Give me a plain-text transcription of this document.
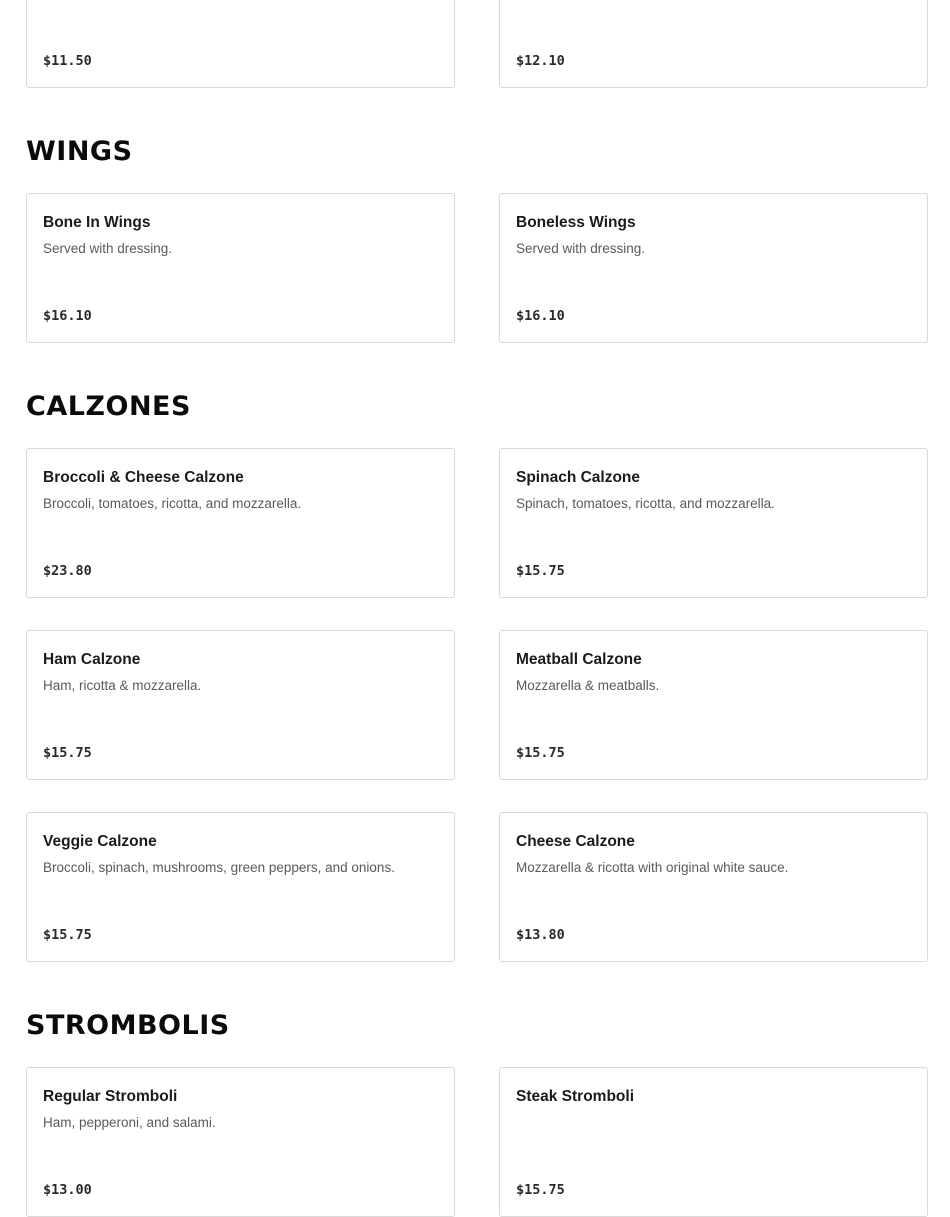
$11.50	$12.10
WINGS
Bone In Wings
Served with dressing.
$16.10
Boneless Wings
Served with dressing.
$16.10
CALZONES
Broccoli & Cheese Calzone
Broccoli, tomatoes, ricotta, and mozzarella.
$23.80
Spinach Calzone
Spinach, tomatoes, ricotta, and mozzarella.
$15.75
Ham Calzone
Ham, ricotta & mozzarella.
$15.75
Meatball Calzone
Mozzarella & meatballs.
$15.75
Veggie Calzone
Broccoli, spinach, mushrooms, green peppers, and onions.
$15.75
Cheese Calzone
Mozzarella & ricotta with original white sauce.
$13.80
STROMBOLIS
Regular Stromboli
Ham, pepperoni, and salami.
$13.00
Steak Stromboli
$15.75
